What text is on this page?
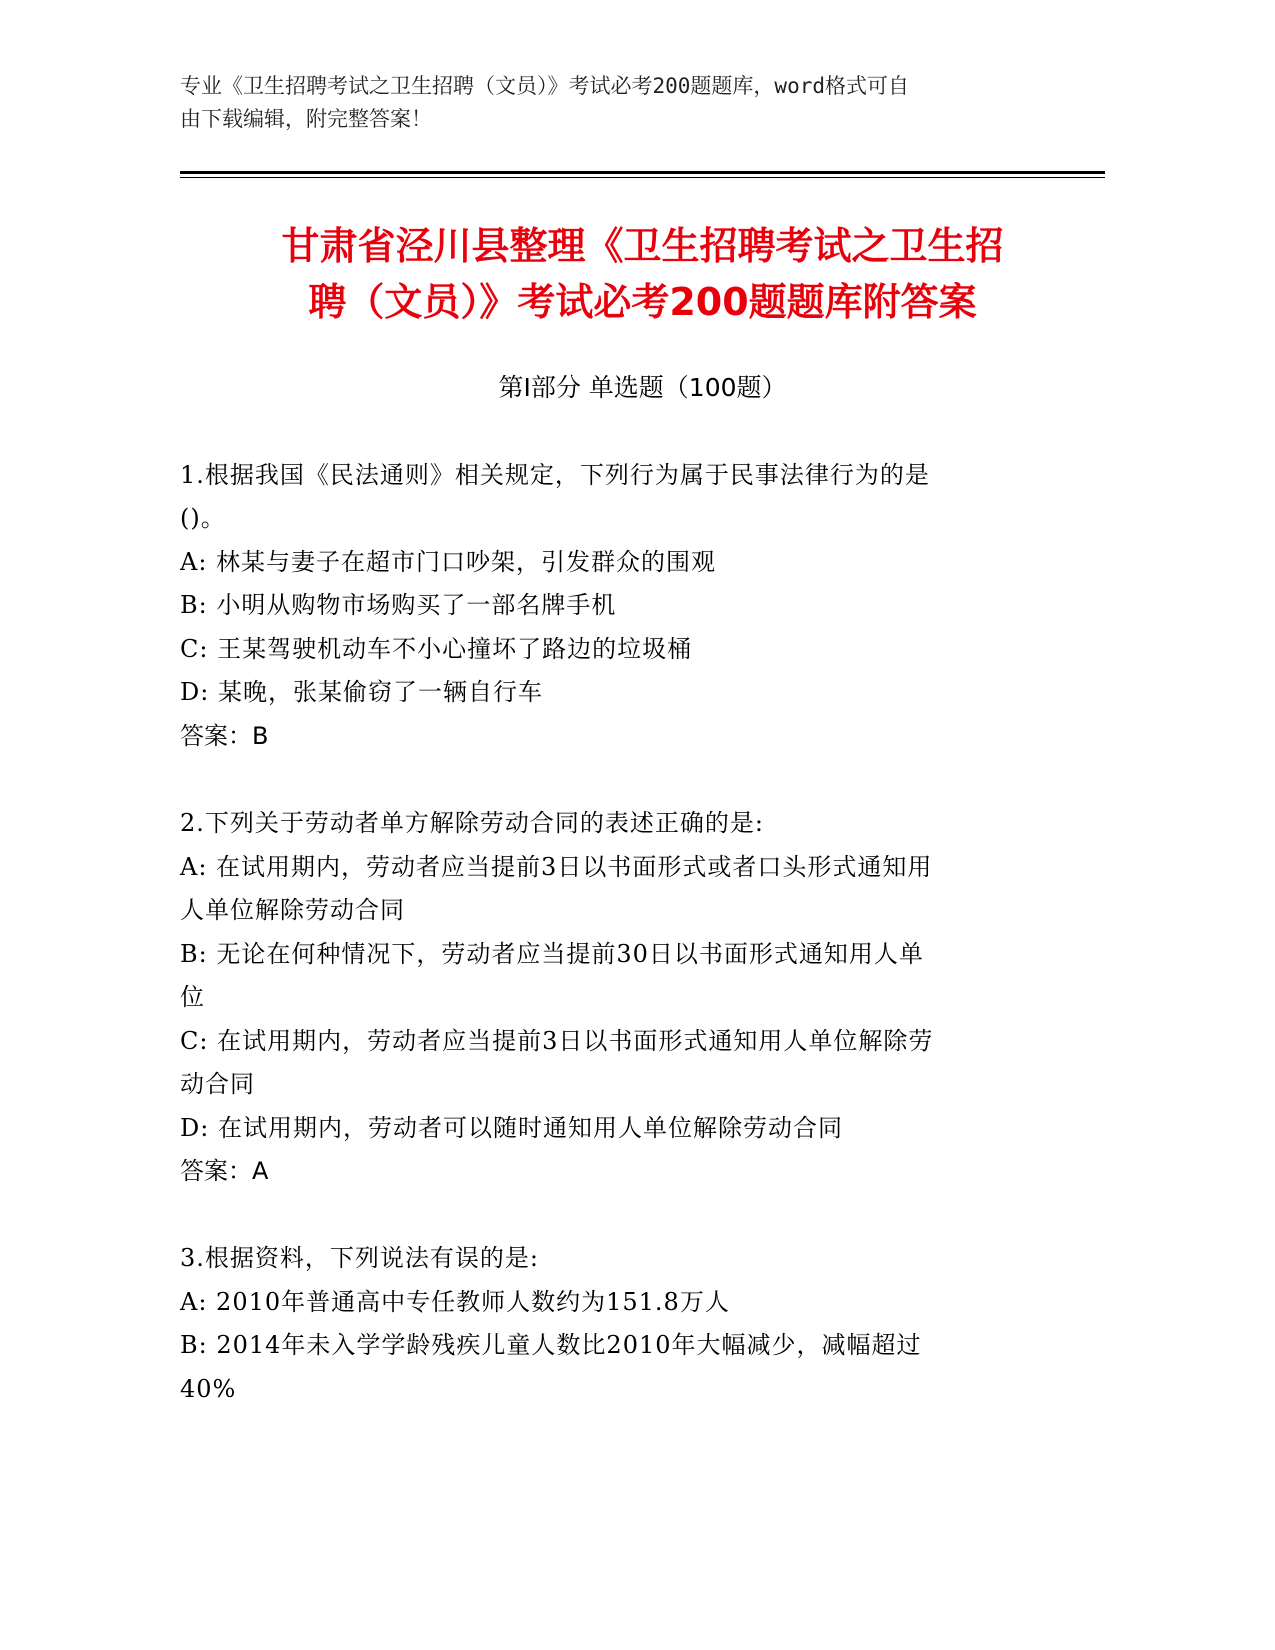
专业《卫生招聘考试之卫生招聘（文员）》考试必考200题题库，word格式可自
由下载编辑，附完整答案！
甘肃省泾川县整理《卫生招聘考试之卫生招
聘（文员）》考试必考200题题库附答案
第I部分 单选题（100题）
1.根据我国《民法通则》相关规定，下列行为属于民事法律行为的是
()。
A: 林某与妻子在超市门口吵架，引发群众的围观
B: 小明从购物市场购买了一部名牌手机
C: 王某驾驶机动车不小心撞坏了路边的垃圾桶
D: 某晚，张某偷窃了一辆自行车
答案：B
2.下列关于劳动者单方解除劳动合同的表述正确的是:
A: 在试用期内，劳动者应当提前3日以书面形式或者口头形式通知用
人单位解除劳动合同
B: 无论在何种情况下，劳动者应当提前30日以书面形式通知用人单
位
C: 在试用期内，劳动者应当提前3日以书面形式通知用人单位解除劳
动合同
D: 在试用期内，劳动者可以随时通知用人单位解除劳动合同
答案：A
3.根据资料，下列说法有误的是:
A: 2010年普通高中专任教师人数约为151.8万人
B: 2014年未入学学龄残疾儿童人数比2010年大幅减少，减幅超过
40%
